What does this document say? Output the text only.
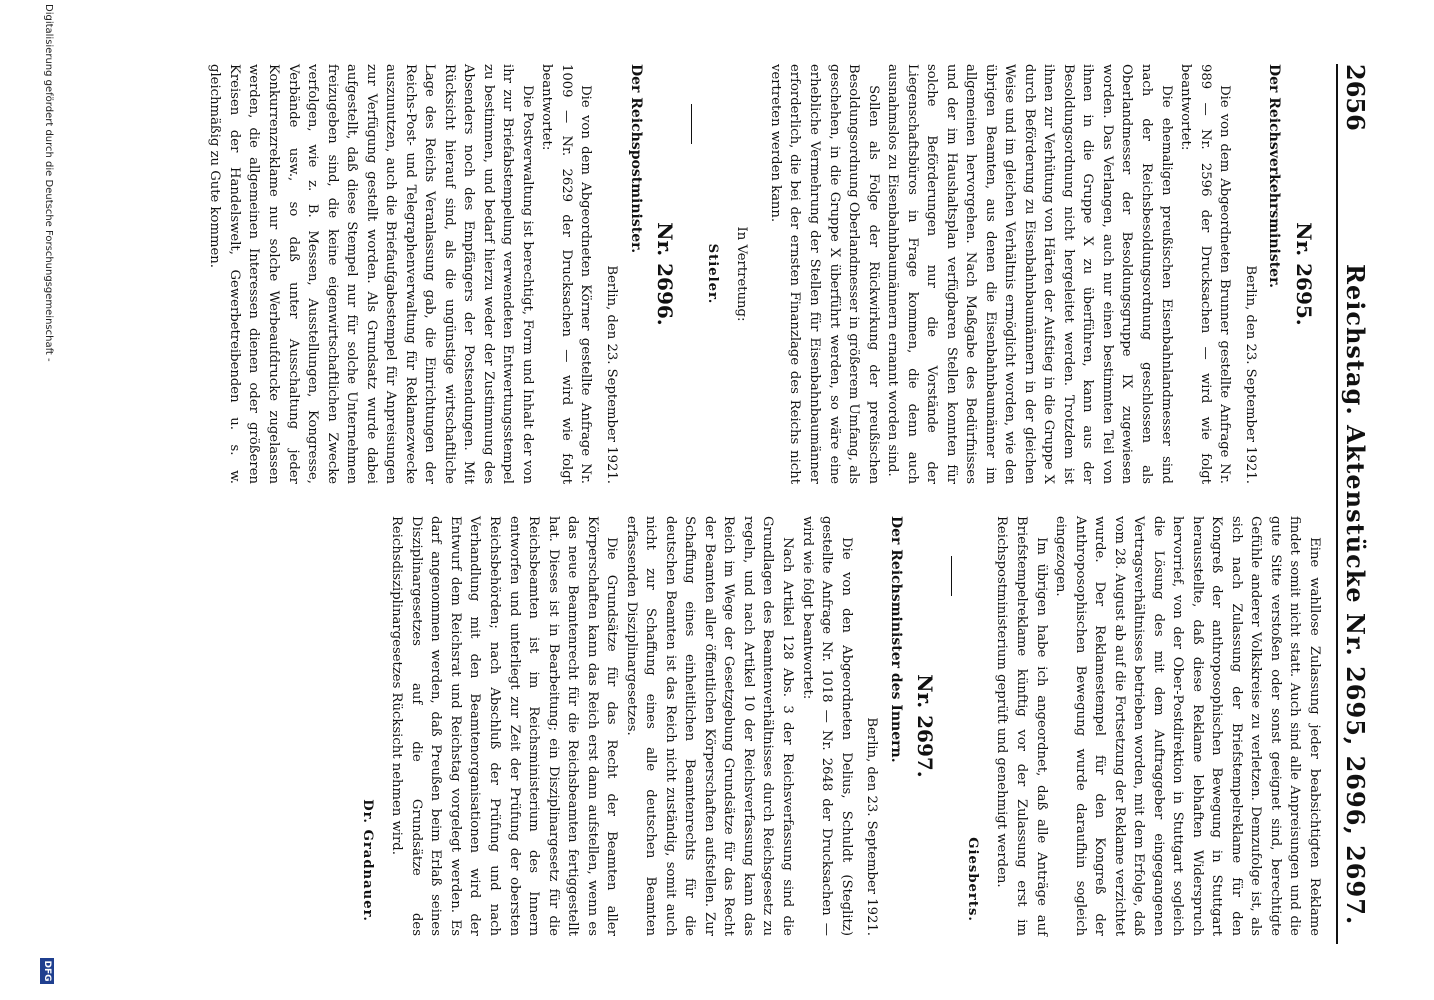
2656
Reichstag. Aktenstücke Nr. 2695, 2696, 2697.
Nr. 2695.
Der Reichsverkehrsminister.
Berlin, den 23. September 1921.

Die von dem Abgeordneten Brunner gestellte Anfrage Nr. 989 — Nr. 2596 der Drucksachen — wird wie folgt beantwortet:

Die ehemaligen preußischen Eisenbahnlandmesser sind nach der Reichsbesoldungsordnung geschlossen als Oberlandmesser der Besoldungsgruppe IX zugewiesen worden. Das Verlangen, auch nur einen bestimmten Teil von ihnen in die Gruppe X zu überführen, kann aus der Besoldungsordnung nicht hergeleitet werden. Trotzdem ist ihnen zur Verhütung von Härten der Aufstieg in die Gruppe X durch Beförderung zu Eisenbahnbaumännern in der gleichen Weise und im gleichen Verhältnis ermöglicht worden, wie den übrigen Beamten, aus denen die Eisenbahnbaumänner im allgemeinen hervorgehen. Nach Maßgabe des Bedürfnisses und der im Haushaltsplan verfügbaren Stellen konnten für solche Beförderungen nur die Vorstände der Liegenschaftsbüros in Frage kommen, die denn auch ausnahmslos zu Eisenbahnbaumännern ernannt worden sind.

Sollen als Folge der Rückwirkung der preußischen Besoldungsordnung Oberlandmesser in größerem Umfang, als geschehen, in die Gruppe X überführt werden, so wäre eine erhebliche Vermehrung der Stellen für Eisenbahnbaumänner erforderlich, die bei der ernsten Finanzlage des Reichs nicht vertreten werden kann.

In Vertretung:
Stieler.
Nr. 2696.
Der Reichspostminister.
Berlin, den 23. September 1921.

Die von dem Abgeordneten Körner gestellte Anfrage Nr. 1009 — Nr. 2629 der Drucksachen — wird wie folgt beantwortet:

Die Postverwaltung ist berechtigt, Form und Inhalt der von ihr zur Briefabstempelung verwendeten Entwertungsstempel zu bestimmen, und bedarf hierzu weder der Zustimmung des Absenders noch des Empfängers der Postsendungen. Mit Rücksicht hierauf sind, als die ungünstige wirtschaftliche Lage des Reichs Veranlassung gab, die Einrichtungen der Reichs-Post- und Telegraphenverwaltung für Reklamezwecke auszunutzen, auch die Briefaufgabestempel für Anpreisungen zur Verfügung gestellt worden. Als Grundsatz wurde dabei aufgestellt, daß diese Stempel nur für solche Unternehmen freizugeben sind, die keine eigenwirtschaftlichen Zwecke verfolgen, wie z. B. Messen, Ausstellungen, Kongresse, Verbände usw., so daß unter Ausschaltung jeder Konkurrenzreklame nur solche Werbeaufdrucke zugelassen werden, die allgemeinen Interessen dienen oder größeren Kreisen der Handelswelt, Gewerbetreibenden u. s. w. gleichmäßig zu Gute kommen.

Eine wahllose Zulassung jeder beabsichtigten Reklame findet somit nicht statt. Auch sind alle Anpreisungen und die gute Sitte verstoßen oder sonst geeignet sind, berechtigte Gefühle anderer Volkskreise zu verletzen. Demzufolge ist, als sich nach Zulassung der Briefstempelreklame für den Kongreß der anthroposophischen Bewegung in Stuttgart herausstellte, daß diese Reklame lebhaften Widerspruch hervorrief, von der Ober-Postdirektion in Stuttgart sogleich die Lösung des mit dem Auftraggeber eingegangenen Vertragsverhältnisses betrieben worden, mit dem Erfolge, daß vom 28. August ab auf die Fortsetzung der Reklame verzichtet wurde. Der Reklamestempel für den Kongreß der Anthroposophischen Bewegung wurde daraufhin sogleich eingezogen.

Im übrigen habe ich angeordnet, daß alle Anträge auf Briefstempelreklame künftig vor der Zulassung erst im Reichspostministerium geprüft und genehmigt werden.

Giesberts.
Nr. 2697.
Der Reichsminister des Innern.
Berlin, den 23. September 1921.

Die von den Abgeordneten Delius, Schuldt (Steglitz) gestellte Anfrage Nr. 1018 — Nr. 2648 der Drucksachen — wird wie folgt beantwortet:

Nach Artikel 128 Abs. 3 der Reichsverfassung sind die Grundlagen des Beamtenverhältnisses durch Reichsgesetz zu regeln, und nach Artikel 10 der Reichsverfassung kann das Reich im Wege der Gesetzgebung Grundsätze für das Recht der Beamten aller öffentlichen Körperschaften aufstellen. Zur Schaffung eines einheitlichen Beamtenrechts für die deutschen Beamten ist das Reich nicht zuständig, somit auch nicht zur Schaffung eines alle deutschen Beamten erfassenden Disziplinargesetzes.

Die Grundsätze für das Recht der Beamten aller Körperschaften kann das Reich erst dann aufstellen, wenn es das neue Beamtenrecht für die Reichsbeamten fertiggestellt hat. Dieses ist in Bearbeitung; ein Disziplinargesetz für die Reichsbeamten ist im Reichsministerium des Innern entworfen und unterliegt zur Zeit der Prüfung der obersten Reichsbehörden; nach Abschluß der Prüfung und nach Verhandlung mit den Beamtenorganisationen wird der Entwurf dem Reichsrat und Reichstag vorgelegt werden. Es darf angenommen werden, daß Preußen beim Erlaß seines Disziplinargesetzes auf die Grundsätze des Reichsdisziplinargesetzes Rücksicht nehmen wird.

Dr. Gradnauer.
Digitalisierung gefördert durch die Deutsche Forschungsgemeinschaft -
DFG
